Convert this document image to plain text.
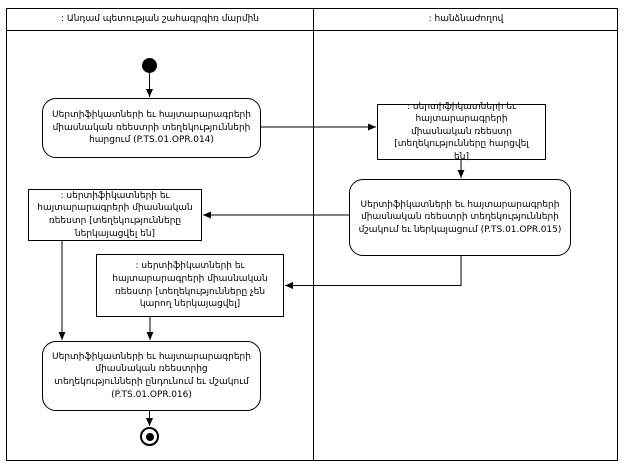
: Անդամ պետության շահագրգիռ մարմին	: հանձնաժողով
Սերտիֆիկատների եւ հայտարարագրերի միասնական ռեեստրի տեղեկությունների հարցում (P.TS.01.OPR.014)
: սերտիֆիկատների եւ հայտարարագրերի միասնական ռեեստր [տեղեկությունները հարցվել են]
Սերտիֆիկատների եւ հայտարարագրերի միասնական ռեեստրի տեղեկությունների մշակում եւ ներկայացում (P.TS.01.OPR.015)
: սերտիֆիկատների եւ հայտարարագրերի միասնական ռեեստր [տեղեկությունները ներկայացվել են]
: սերտիֆիկատների եւ հայտարարագրերի միասնական ռեեստր [տեղեկությունները չեն կարող ներկայացվել]
Սերտիֆիկատների եւ հայտարարագրերի միասնական ռեեստրից տեղեկությունների ընդունում եւ մշակում (P.TS.01.OPR.016)
